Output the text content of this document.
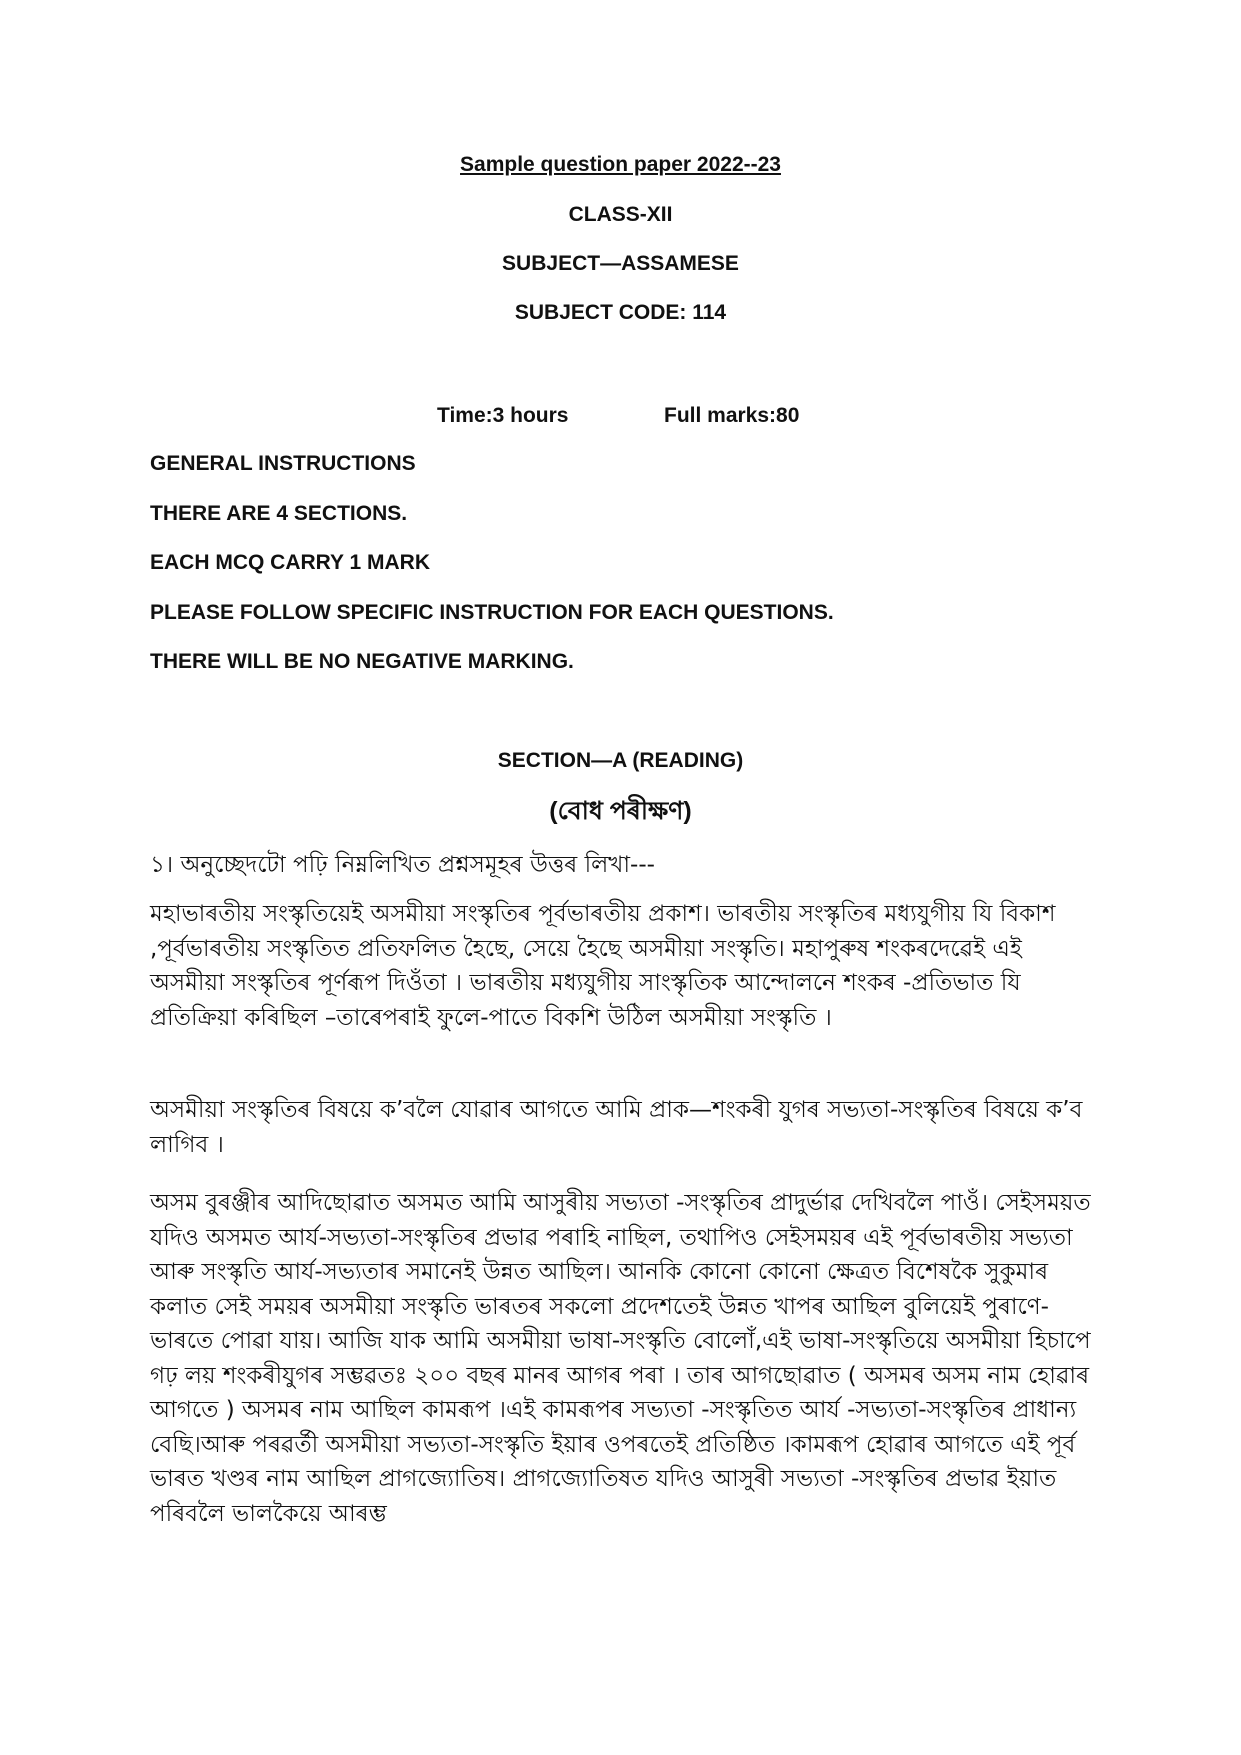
Sample question paper 2022--23
CLASS-XII
SUBJECT—ASSAMESE
SUBJECT CODE: 114
Time:3 hours	Full marks:80
GENERAL INSTRUCTIONS
THERE ARE 4 SECTIONS.
EACH MCQ CARRY 1 MARK
PLEASE FOLLOW SPECIFIC INSTRUCTION FOR EACH QUESTIONS.
THERE WILL BE NO NEGATIVE MARKING.
SECTION—A (READING)
(বোধ পৰীক্ষণ)
১। অনুচ্ছেদটো পঢ়ি নিম্নলিখিত প্ৰশ্নসমূহৰ উত্তৰ লিখা---

মহাভাৰতীয় সংস্কৃতিয়েই অসমীয়া সংস্কৃতিৰ পূৰ্বভাৰতীয় প্ৰকাশ। ভাৰতীয় সংস্কৃতিৰ মধ্যযুগীয় যি বিকাশ ,পূৰ্বভাৰতীয় সংস্কৃতিত প্ৰতিফলিত হৈছে, সেয়ে হৈছে অসমীয়া সংস্কৃতি। মহাপুৰুষ শংকৰদেৱেই এই অসমীয়া সংস্কৃতিৰ পূৰ্ণৰূপ দিওঁতা । ভাৰতীয় মধ্যযুগীয় সাংস্কৃতিক আন্দোলনে শংকৰ -প্ৰতিভাত যি প্ৰতিক্ৰিয়া কৰিছিল –তাৰেপৰাই ফুলে-পাতে বিকশি উঠিল অসমীয়া সংস্কৃতি ।

অসমীয়া সংস্কৃতিৰ বিষয়ে ক’বলৈ যোৱাৰ আগতে আমি প্ৰাক—শংকৰী যুগৰ সভ্যতা-সংস্কৃতিৰ বিষয়ে ক’ব লাগিব ।

অসম বুৰঞ্জীৰ আদিছোৱাত অসমত আমি আসুৰীয় সভ্যতা -সংস্কৃতিৰ প্ৰাদুৰ্ভাৱ দেখিবলৈ পাওঁ। সেইসময়ত যদিও অসমত আৰ্য-সভ্যতা-সংস্কৃতিৰ প্ৰভাৱ পৰাহি নাছিল, তথাপিও সেইসময়ৰ এই পূৰ্বভাৰতীয় সভ্যতা আৰু সংস্কৃতি আৰ্য-সভ্যতাৰ সমানেই উন্নত আছিল। আনকি কোনো কোনো ক্ষেত্ৰত বিশেষকৈ সুকুমাৰ কলাত সেই সময়ৰ অসমীয়া সংস্কৃতি ভাৰতৰ সকলো প্ৰদেশতেই উন্নত খাপৰ আছিল বুলিয়েই পুৰাণে-ভাৰতে পোৱা যায়। আজি যাক আমি অসমীয়া ভাষা-সংস্কৃতি বোলোঁ,এই ভাষা-সংস্কৃতিয়ে অসমীয়া হিচাপে গঢ় লয় শংকৰীযুগৰ সম্ভৱতঃ ২০০ বছৰ মানৰ আগৰ পৰা । তাৰ আগছোৱাত ( অসমৰ অসম নাম হোৱাৰ আগতে ) অসমৰ নাম আছিল কামৰূপ ।এই কামৰূপৰ সভ্যতা -সংস্কৃতিত আৰ্য -সভ্যতা-সংস্কৃতিৰ প্ৰাধান্য বেছি।আৰু পৰৱৰ্তী অসমীয়া সভ্যতা-সংস্কৃতি ইয়াৰ ওপৰতেই প্ৰতিষ্ঠিত ।কামৰূপ হোৱাৰ আগতে এই পূৰ্ব ভাৰত খণ্ডৰ নাম আছিল প্ৰাগজ্যোতিষ। প্ৰাগজ্যোতিষত যদিও আসুৰী সভ্যতা -সংস্কৃতিৰ প্ৰভাৱ ইয়াত পৰিবলৈ ভালকৈয়ে আৰম্ভ
